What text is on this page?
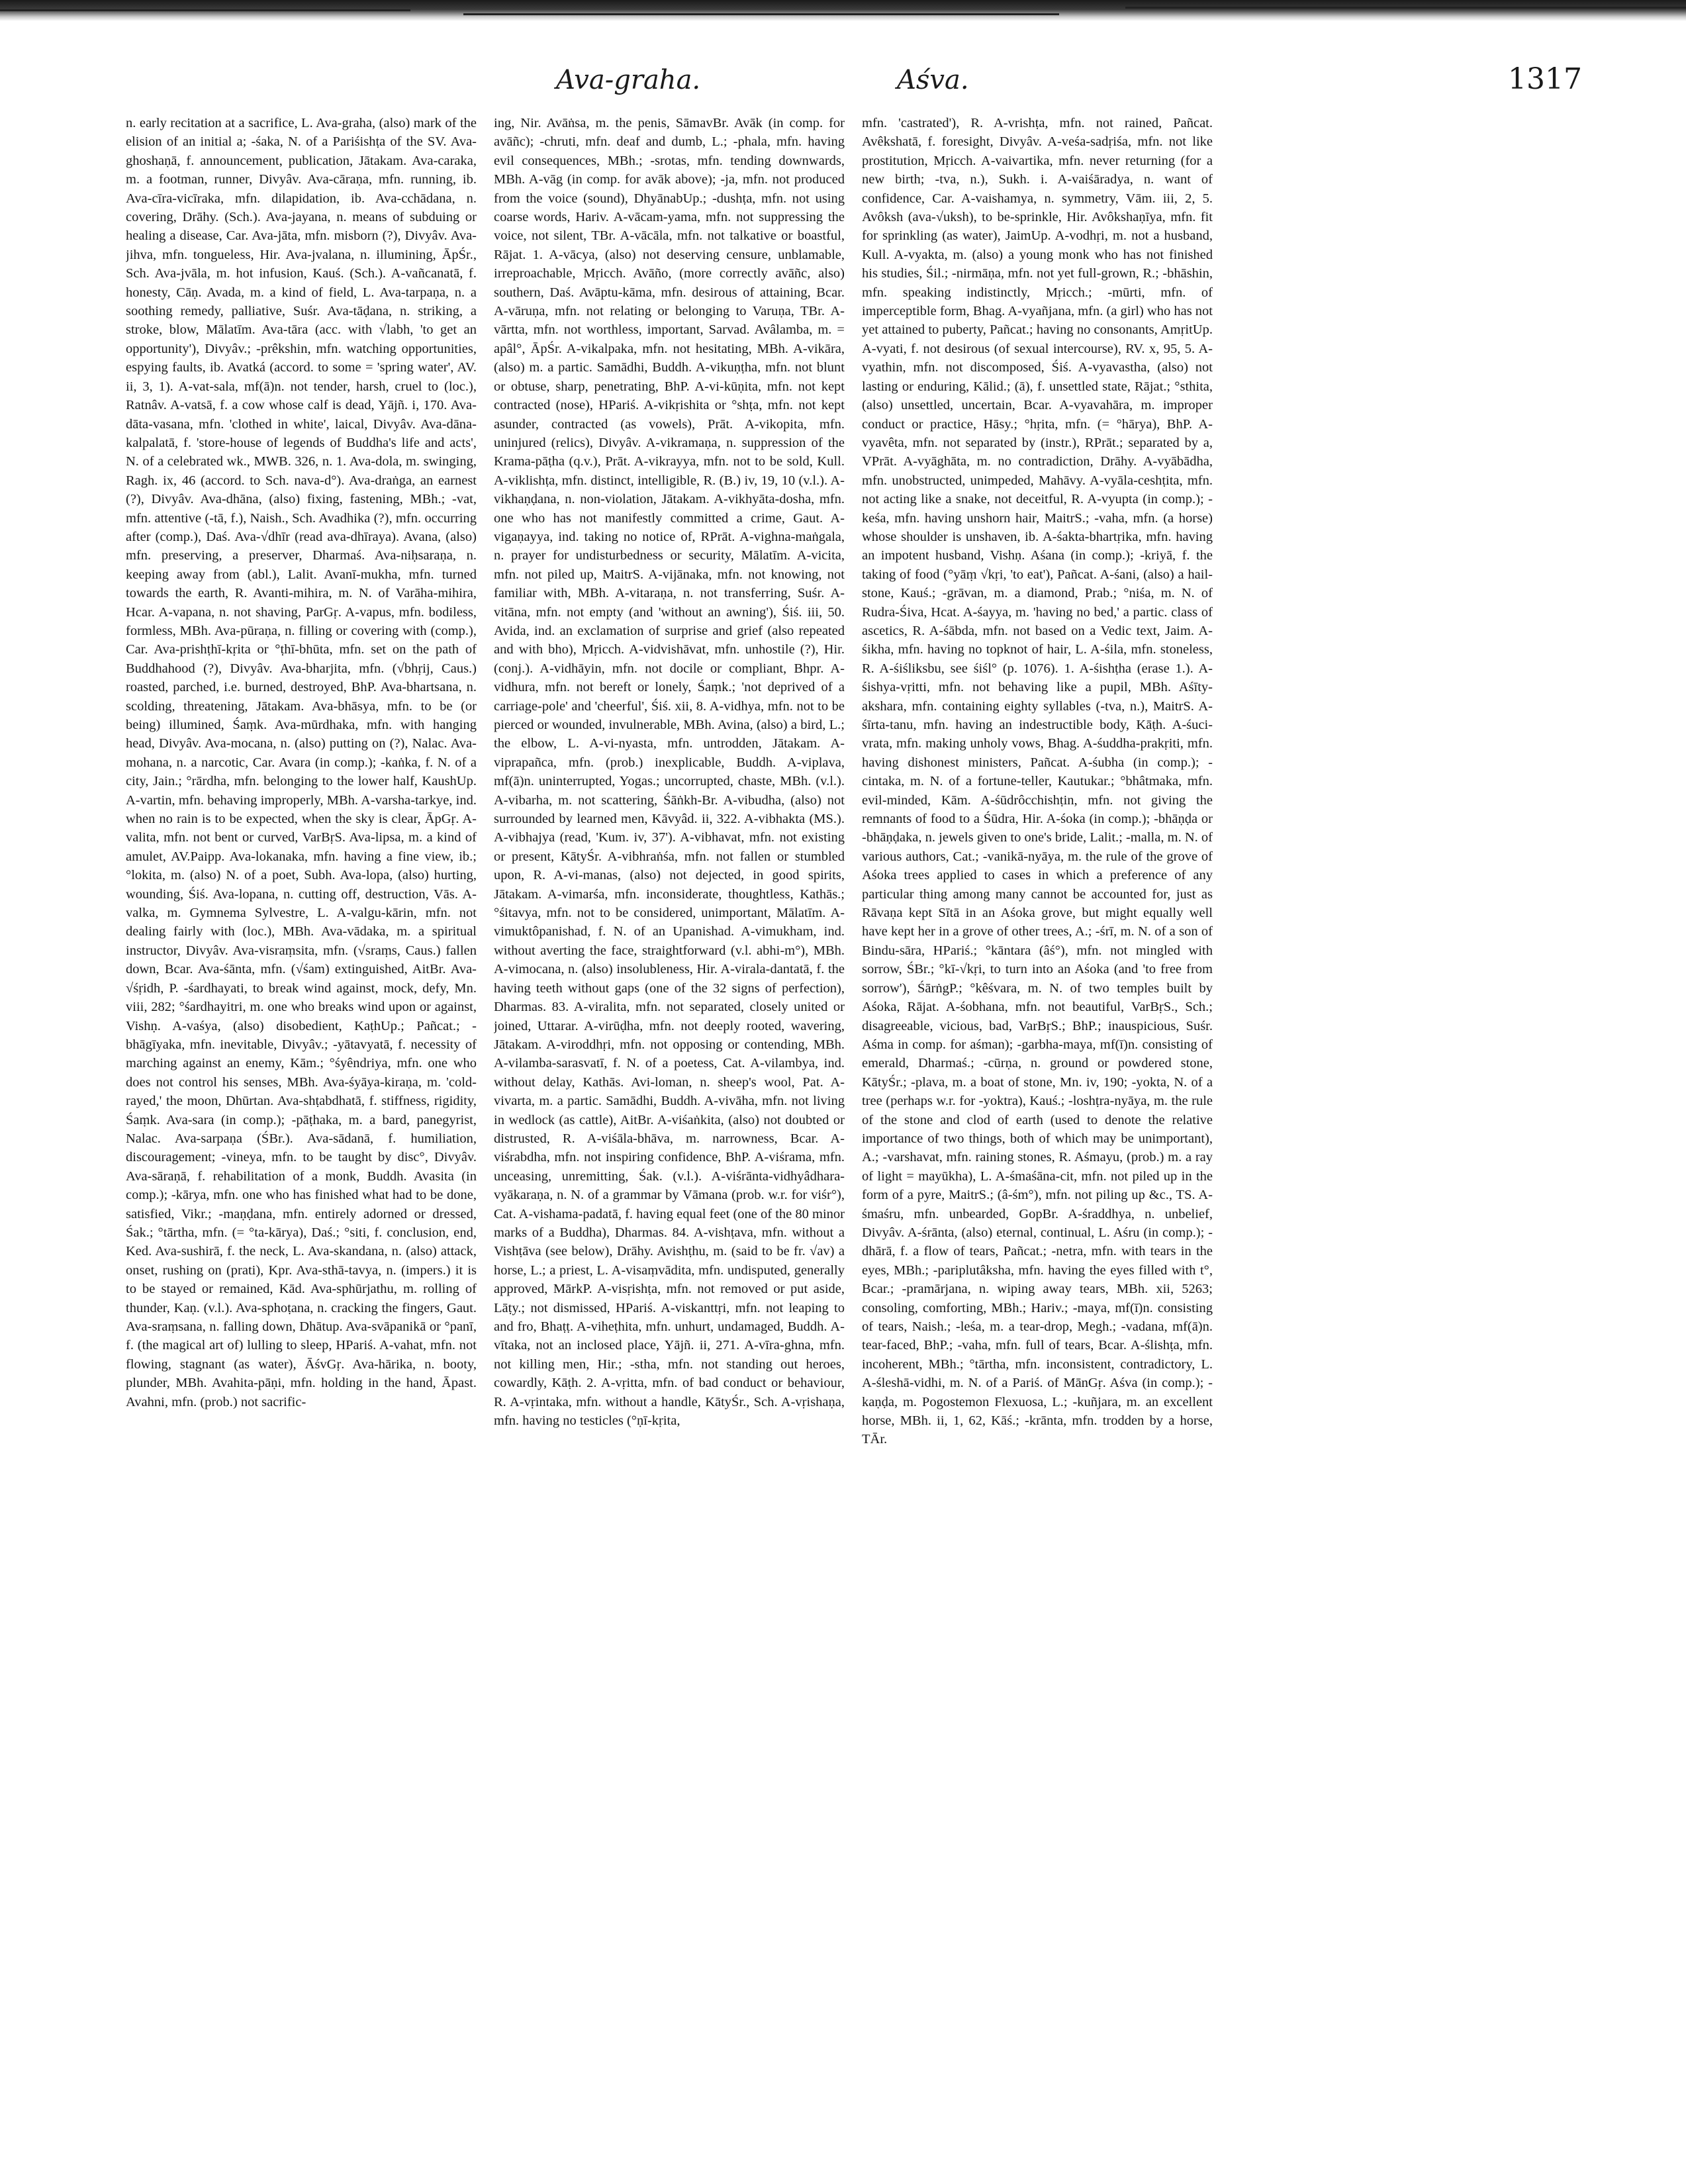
Ava-graha.	Aśva.	1317

n. early recitation at a sacrifice, L. Ava-graha, (also) mark of the elision of an initial a; -śaka, N. of a Pariśishṭa of the SV. Ava-ghoshaṇā, f. announcement, publication, Jātakam. Ava-caraka, m. a footman, runner, Divyâv. Ava-cāraṇa, mfn. running, ib. Ava-cīra-vicīraka, mfn. dilapidation, ib. Ava-cchādana, n. covering, Drāhy. (Sch.). Ava-jayana, n. means of subduing or healing a disease, Car. Ava-jāta, mfn. misborn (?), Divyâv. Ava-jihva, mfn. tongueless, Hir. Ava-jvalana, n. illumining, ĀpŚr., Sch. Ava-jvāla, m. hot infusion, Kauś. (Sch.). A-vañcanatā, f. honesty, Cāṇ. Avada, m. a kind of field, L. Ava-tarpaṇa, n. a soothing remedy, palliative, Suśr. Ava-tāḍana, n. striking, a stroke, blow, Mālatīm. Ava-tāra (acc. with √labh, 'to get an opportunity'), Divyâv.; -prêkshin, mfn. watching opportunities, espying faults, ib. Avatká (accord. to some = 'spring water', AV. ii, 3, 1). A-vat-sala, mf(ā)n. not tender, harsh, cruel to (loc.), Ratnâv. A-vatsā, f. a cow whose calf is dead, Yājñ. i, 170. Ava-dāta-vasana, mfn. 'clothed in white', laical, Divyâv. Ava-dāna-kalpalatā, f. 'store-house of legends of Buddha's life and acts', N. of a celebrated wk., MWB. 326, n. 1. Ava-dola, m. swinging, Ragh. ix, 46 (accord. to Sch. nava-d°). Ava-draṅga, an earnest (?), Divyâv. Ava-dhāna, (also) fixing, fastening, MBh.; -vat, mfn. attentive (-tā, f.), Naish., Sch. Avadhika (?), mfn. occurring after (comp.), Daś. Ava-√dhīr (read ava-dhīraya). Avana, (also) mfn. preserving, a preserver, Dharmaś. Ava-niḥsaraṇa, n. keeping away from (abl.), Lalit. Avanī-mukha, mfn. turned towards the earth, R. Avanti-mihira, m. N. of Varāha-mihira, Hcar. A-vapana, n. not shaving, ParGṛ. A-vapus, mfn. bodiless, formless, MBh. Ava-pūraṇa, n. filling or covering with (comp.), Car. Ava-prishṭhī-kṛita or °ṭhī-bhūta, mfn. set on the path of Buddhahood (?), Divyâv. Ava-bharjita, mfn. (√bhṛij, Caus.) roasted, parched, i.e. burned, destroyed, BhP. Ava-bhartsana, n. scolding, threatening, Jātakam. Ava-bhāsya, mfn. to be (or being) illumined, Śaṃk. Ava-mūrdhaka, mfn. with hanging head, Divyâv. Ava-mocana, n. (also) putting on (?), Nalac. Ava-mohana, n. a narcotic, Car. Avara (in comp.); -kaṅka, f. N. of a city, Jain.; °rārdha, mfn. belonging to the lower half, KaushUp. A-vartin, mfn. behaving improperly, MBh. A-varsha-tarkye, ind. when no rain is to be expected, when the sky is clear, ĀpGṛ. A-valita, mfn. not bent or curved, VarBṛS. Ava-lipsa, m. a kind of amulet, AV.Paipp. Ava-lokanaka, mfn. having a fine view, ib.; °lokita, m. (also) N. of a poet, Subh. Ava-lopa, (also) hurting, wounding, Śiś. Ava-lopana, n. cutting off, destruction, Vās. A-valka, m. Gymnema Sylvestre, L. A-valgu-kārin, mfn. not dealing fairly with (loc.), MBh. Ava-vādaka, m. a spiritual instructor, Divyâv. Ava-visraṃsita, mfn. (√sraṃs, Caus.) fallen down, Bcar. Ava-śānta, mfn. (√śam) extinguished, AitBr. Ava-√śṛidh, P. -śardhayati, to break wind against, mock, defy, Mn. viii, 282; °śardhayitri, m. one who breaks wind upon or against, Vishṇ. A-vaśya, (also) disobedient, KaṭhUp.; Pañcat.; -bhāgīyaka, mfn. inevitable, Divyâv.; -yātavyatā, f. necessity of marching against an enemy, Kām.; °śyêndriya, mfn. one who does not control his senses, MBh. Ava-śyāya-kiraṇa, m. 'cold-rayed,' the moon, Dhūrtan. Ava-shṭabdhatā, f. stiffness, rigidity, Śaṃk. Ava-sara (in comp.); -pāṭhaka, m. a bard, panegyrist, Nalac. Ava-sarpaṇa (ŚBr.). Ava-sādanā, f. humiliation, discouragement; -vineya, mfn. to be taught by disc°, Divyâv. Ava-sāraṇā, f. rehabilitation of a monk, Buddh. Avasita (in comp.); -kārya, mfn. one who has finished what had to be done, satisfied, Vikr.; -maṇḍana, mfn. entirely adorned or dressed, Śak.; °tārtha, mfn. (= °ta-kārya), Daś.; °siti, f. conclusion, end, Ked. Ava-sushirā, f. the neck, L. Ava-skandana, n. (also) attack, onset, rushing on (prati), Kpr. Ava-sthā-tavya, n. (impers.) it is to be stayed or remained, Kād. Ava-sphūrjathu, m. rolling of thunder, Kaṇ. (v.l.). Ava-sphoṭana, n. cracking the fingers, Gaut. Ava-sraṃsana, n. falling down, Dhātup. Ava-svāpanikā or °panī, f. (the magical art of) lulling to sleep, HPariś. A-vahat, mfn. not flowing, stagnant (as water), ĀśvGṛ. Ava-hārika, n. booty, plunder, MBh. Avahita-pāṇi, mfn. holding in the hand, Āpast. Avahni, mfn. (prob.) not sacrific-

ing, Nir. Avāṅsa, m. the penis, SāmavBr. Avāk (in comp. for avāñc); -chruti, mfn. deaf and dumb, L.; -phala, mfn. having evil consequences, MBh.; -srotas, mfn. tending downwards, MBh. A-vāg (in comp. for avāk above); -ja, mfn. not produced from the voice (sound), DhyānabUp.; -dushṭa, mfn. not using coarse words, Hariv. A-vācam-yama, mfn. not suppressing the voice, not silent, TBr. A-vācāla, mfn. not talkative or boastful, Rājat. 1. A-vācya, (also) not deserving censure, unblamable, irreproachable, Mṛicch. Avāño, (more correctly avāñc, also) southern, Daś. Avāptu-kāma, mfn. desirous of attaining, Bcar. A-vāruṇa, mfn. not relating or belonging to Varuṇa, TBr. A-vārtta, mfn. not worthless, important, Sarvad. Avâlamba, m. = apâl°, ĀpŚr. A-vikalpaka, mfn. not hesitating, MBh. A-vikāra, (also) m. a partic. Samādhi, Buddh. A-vikuṇṭha, mfn. not blunt or obtuse, sharp, penetrating, BhP. A-vi-kūṇita, mfn. not kept contracted (nose), HPariś. A-vikṛishita or °shṭa, mfn. not kept asunder, contracted (as vowels), Prāt. A-vikopita, mfn. uninjured (relics), Divyâv. A-vikramaṇa, n. suppression of the Krama-pāṭha (q.v.), Prāt. A-vikrayya, mfn. not to be sold, Kull. A-viklishṭa, mfn. distinct, intelligible, R. (B.) iv, 19, 10 (v.l.). A-vikhaṇḍana, n. non-violation, Jātakam. A-vikhyāta-dosha, mfn. one who has not manifestly committed a crime, Gaut. A-vigaṇayya, ind. taking no notice of, RPrāt. A-vighna-maṅgala, n. prayer for undisturbedness or security, Mālatīm. A-vicita, mfn. not piled up, MaitrS. A-vijānaka, mfn. not knowing, not familiar with, MBh. A-vitaraṇa, n. not transferring, Suśr. A-vitāna, mfn. not empty (and 'without an awning'), Śiś. iii, 50. Avida, ind. an exclamation of surprise and grief (also repeated and with bho), Mṛicch. A-vidvishāvat, mfn. unhostile (?), Hir. (conj.). A-vidhāyin, mfn. not docile or compliant, Bhpr. A-vidhura, mfn. not bereft or lonely, Śaṃk.; 'not deprived of a carriage-pole' and 'cheerful', Śiś. xii, 8. A-vidhya, mfn. not to be pierced or wounded, invulnerable, MBh. Avina, (also) a bird, L.; the elbow, L. A-vi-nyasta, mfn. untrodden, Jātakam. A-viprapañca, mfn. (prob.) inexplicable, Buddh. A-viplava, mf(ā)n. uninterrupted, Yogas.; uncorrupted, chaste, MBh. (v.l.). A-vibarha, m. not scattering, Śāṅkh-Br. A-vibudha, (also) not surrounded by learned men, Kāvyâd. ii, 322. A-vibhakta (MS.). A-vibhajya (read, 'Kum. iv, 37'). A-vibhavat, mfn. not existing or present, KātyŚr. A-vibhraṅśa, mfn. not fallen or stumbled upon, R. A-vi-manas, (also) not dejected, in good spirits, Jātakam. A-vimarśa, mfn. inconsiderate, thoughtless, Kathās.; °śitavya, mfn. not to be considered, unimportant, Mālatīm. A-vimuktôpanishad, f. N. of an Upanishad. A-vimukham, ind. without averting the face, straightforward (v.l. abhi-m°), MBh. A-vimocana, n. (also) insolubleness, Hir. A-virala-dantatā, f. the having teeth without gaps (one of the 32 signs of perfection), Dharmas. 83. A-viralita, mfn. not separated, closely united or joined, Uttarar. A-virūḍha, mfn. not deeply rooted, wavering, Jātakam. A-viroddhṛi, mfn. not opposing or contending, MBh. A-vilamba-sarasvatī, f. N. of a poetess, Cat. A-vilambya, ind. without delay, Kathās. Avi-loman, n. sheep's wool, Pat. A-vivarta, m. a partic. Samādhi, Buddh. A-vivāha, mfn. not living in wedlock (as cattle), AitBr. A-viśaṅkita, (also) not doubted or distrusted, R. A-viśāla-bhāva, m. narrowness, Bcar. A-viśrabdha, mfn. not inspiring confidence, BhP. A-viśrama, mfn. unceasing, unremitting, Śak. (v.l.). A-viśrānta-vidhyâdhara-vyākaraṇa, n. N. of a grammar by Vāmana (prob. w.r. for viśr°), Cat. A-vishama-padatā, f. having equal feet (one of the 80 minor marks of a Buddha), Dharmas. 84. A-vishṭava, mfn. without a Vishṭāva (see below), Drāhy. Avishṭhu, m. (said to be fr. √av) a horse, L.; a priest, L. A-visaṃvādita, mfn. undisputed, generally approved, MārkP. A-visṛishṭa, mfn. not removed or put aside, Lāṭy.; not dismissed, HPariś. A-viskanttṛi, mfn. not leaping to and fro, Bhaṭṭ. A-viheṭhita, mfn. unhurt, undamaged, Buddh. A-vītaka, not an inclosed place, Yājñ. ii, 271. A-vīra-ghna, mfn. not killing men, Hir.; -stha, mfn. not standing out heroes, cowardly, Kāṭh. 2. A-vṛitta, mfn. of bad conduct or behaviour, R. A-vṛintaka, mfn. without a handle, KātyŚr., Sch. A-vṛishaṇa, mfn. having no testicles (°ṇī-kṛita,

mfn. 'castrated'), R. A-vrishṭa, mfn. not rained, Pañcat. Avêkshatā, f. foresight, Divyâv. A-veśa-sadṛiśa, mfn. not like prostitution, Mṛicch. A-vaivartika, mfn. never returning (for a new birth; -tva, n.), Sukh. i. A-vaiśāradya, n. want of confidence, Car. A-vaishamya, n. symmetry, Vām. iii, 2, 5. Avôksh (ava-√uksh), to be-sprinkle, Hir. Avôkshaṇīya, mfn. fit for sprinkling (as water), JaimUp. A-vodhṛi, m. not a husband, Kull. A-vyakta, m. (also) a young monk who has not finished his studies, Śil.; -nirmāṇa, mfn. not yet full-grown, R.; -bhāshin, mfn. speaking indistinctly, Mṛicch.; -mūrti, mfn. of imperceptible form, Bhag. A-vyañjana, mfn. (a girl) who has not yet attained to puberty, Pañcat.; having no consonants, AmṛitUp. A-vyati, f. not desirous (of sexual intercourse), RV. x, 95, 5. A-vyathin, mfn. not discomposed, Śiś. A-vyavastha, (also) not lasting or enduring, Kālid.; (ā), f. unsettled state, Rājat.; °sthita, (also) unsettled, uncertain, Bcar. A-vyavahāra, m. improper conduct or practice, Hāsy.; °hṛita, mfn. (= °hārya), BhP. A-vyavêta, mfn. not separated by (instr.), RPrāt.; separated by a, VPrāt. A-vyāghāta, m. no contradiction, Drāhy. A-vyābādha, mfn. unobstructed, unimpeded, Mahāvy. A-vyāla-ceshṭita, mfn. not acting like a snake, not deceitful, R. A-vyupta (in comp.); -keśa, mfn. having unshorn hair, MaitrS.; -vaha, mfn. (a horse) whose shoulder is unshaven, ib. A-śakta-bhartṛika, mfn. having an impotent husband, Vishṇ. Aśana (in comp.); -kriyā, f. the taking of food (°yāṃ √kṛi, 'to eat'), Pañcat. A-śani, (also) a hail-stone, Kauś.; -grāvan, m. a diamond, Prab.; °niśa, m. N. of Rudra-Śiva, Hcat. A-śayya, m. 'having no bed,' a partic. class of ascetics, R. A-śābda, mfn. not based on a Vedic text, Jaim. A-śikha, mfn. having no topknot of hair, L. A-śila, mfn. stoneless, R. A-śiśliksbu, see śiśl° (p. 1076). 1. A-śishṭha (erase 1.). A-śishya-vṛitti, mfn. not behaving like a pupil, MBh. Aśīty-akshara, mfn. containing eighty syllables (-tva, n.), MaitrS. A-śīrta-tanu, mfn. having an indestructible body, Kāṭh. A-śuci-vrata, mfn. making unholy vows, Bhag. A-śuddha-prakṛiti, mfn. having dishonest ministers, Pañcat. A-śubha (in comp.); -cintaka, m. N. of a fortune-teller, Kautukar.; °bhâtmaka, mfn. evil-minded, Kām. A-śūdrôcchishṭin, mfn. not giving the remnants of food to a Śūdra, Hir. A-śoka (in comp.); -bhāṇḍa or -bhāṇḍaka, n. jewels given to one's bride, Lalit.; -malla, m. N. of various authors, Cat.; -vanikā-nyāya, m. the rule of the grove of Aśoka trees applied to cases in which a preference of any particular thing among many cannot be accounted for, just as Rāvaṇa kept Sītā in an Aśoka grove, but might equally well have kept her in a grove of other trees, A.; -śrī, m. N. of a son of Bindu-sāra, HPariś.; °kāntara (âś°), mfn. not mingled with sorrow, ŚBr.; °kī-√kṛi, to turn into an Aśoka (and 'to free from sorrow'), ŚārṅgP.; °kêśvara, m. N. of two temples built by Aśoka, Rājat. A-śobhana, mfn. not beautiful, VarBṛS., Sch.; disagreeable, vicious, bad, VarBṛS.; BhP.; inauspicious, Suśr. Aśma in comp. for aśman); -garbha-maya, mf(ī)n. consisting of emerald, Dharmaś.; -cūrṇa, n. ground or powdered stone, KātyŚr.; -plava, m. a boat of stone, Mn. iv, 190; -yokta, N. of a tree (perhaps w.r. for -yoktra), Kauś.; -loshṭra-nyāya, m. the rule of the stone and clod of earth (used to denote the relative importance of two things, both of which may be unimportant), A.; -varshavat, mfn. raining stones, R. Aśmayu, (prob.) m. a ray of light = mayūkha), L. A-śmaśāna-cit, mfn. not piled up in the form of a pyre, MaitrS.; (â-śm°), mfn. not piling up &c., TS. A-śmaśru, mfn. unbearded, GopBr. A-śraddhya, n. unbelief, Divyâv. A-śrānta, (also) eternal, continual, L. Aśru (in comp.); -dhārā, f. a flow of tears, Pañcat.; -netra, mfn. with tears in the eyes, MBh.; -pariplutâksha, mfn. having the eyes filled with t°, Bcar.; -pramārjana, n. wiping away tears, MBh. xii, 5263; consoling, comforting, MBh.; Hariv.; -maya, mf(ī)n. consisting of tears, Naish.; -leśa, m. a tear-drop, Megh.; -vadana, mf(ā)n. tear-faced, BhP.; -vaha, mfn. full of tears, Bcar. A-ślishṭa, mfn. incoherent, MBh.; °tārtha, mfn. inconsistent, contradictory, L. A-śleshā-vidhi, m. N. of a Pariś. of MānGṛ. Aśva (in comp.); -kaṇḍa, m. Pogostemon Flexuosa, L.; -kuñjara, m. an excellent horse, MBh. ii, 1, 62, Kāś.; -krānta, mfn. trodden by a horse, TĀr.
